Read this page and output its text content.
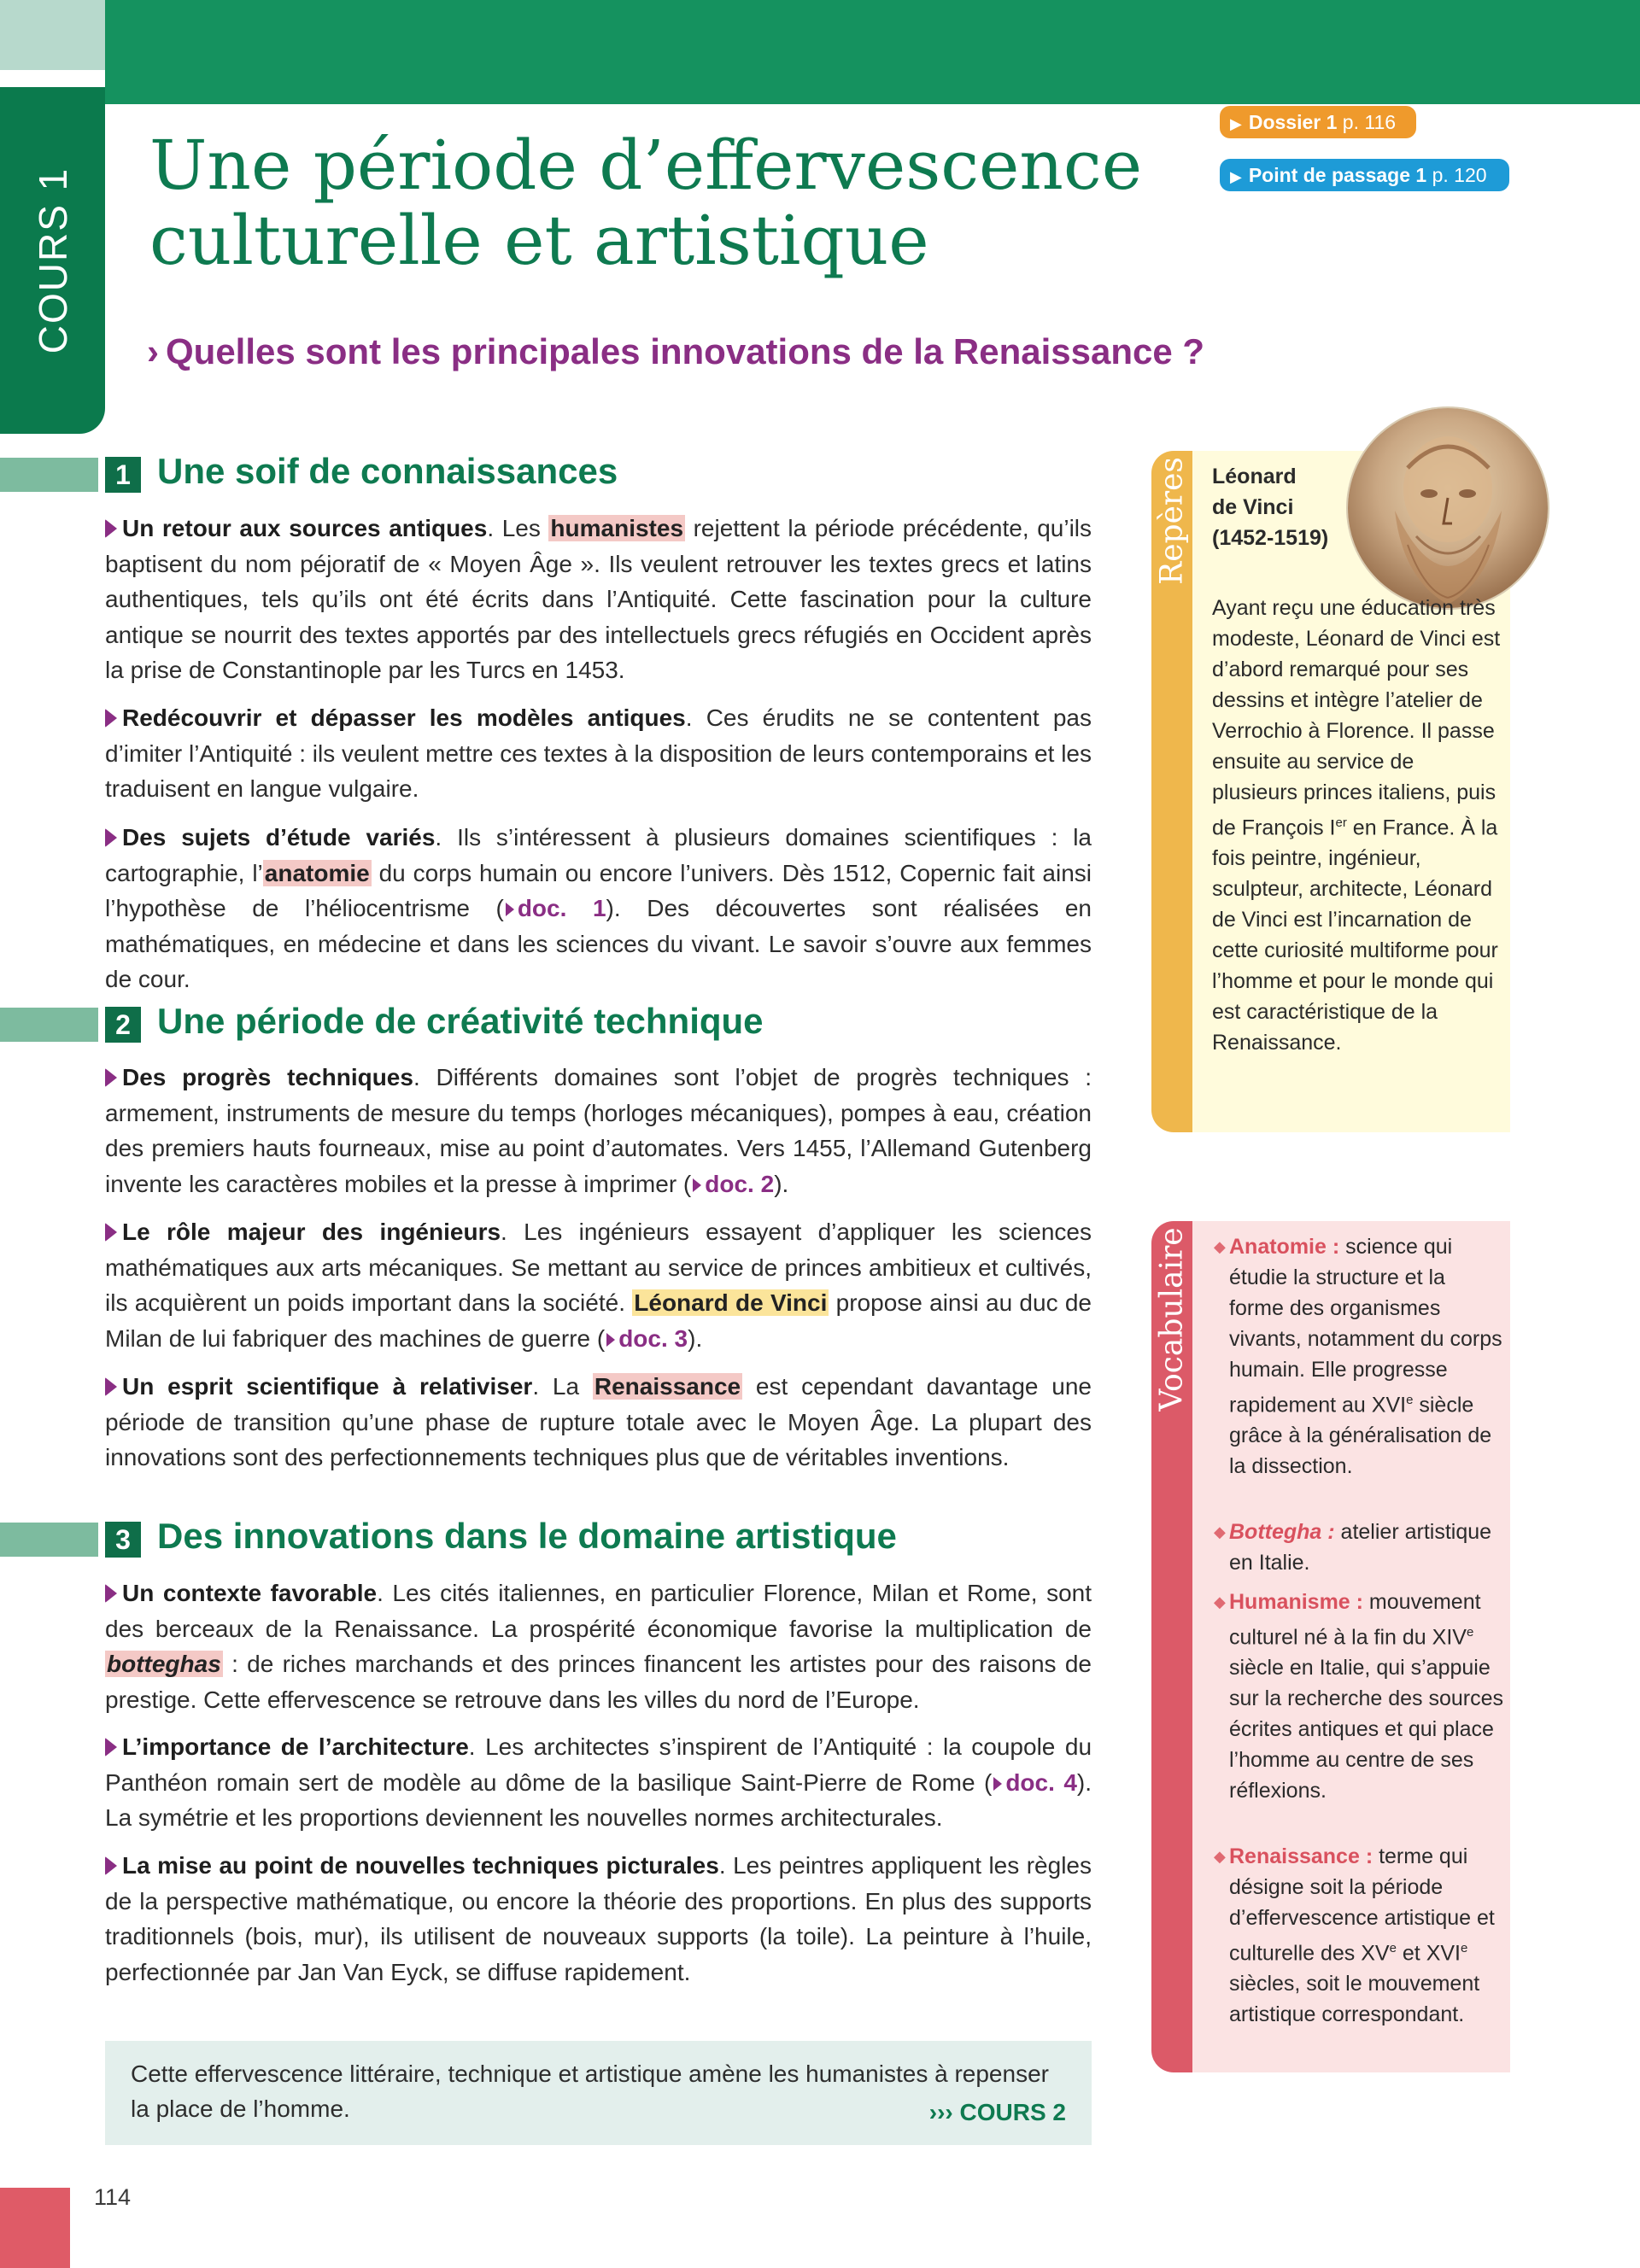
COURS 1
▶ Dossier 1 p. 116
▶ Point de passage 1 p. 120
Une période d’effervescence
culturelle et artistique
› Quelles sont les principales innovations de la Renaissance ?
1 Une soif de connaissances
Un retour aux sources antiques. Les humanistes rejettent la période précédente, qu’ils baptisent du nom péjoratif de « Moyen Âge ». Ils veulent retrouver les textes grecs et latins authentiques, tels qu’ils ont été écrits dans l’Antiquité. Cette fascination pour la culture antique se nourrit des textes apportés par des intellectuels grecs réfugiés en Occident après la prise de Constantinople par les Turcs en 1453.
Redécouvrir et dépasser les modèles antiques. Ces érudits ne se contentent pas d’imiter l’Antiquité : ils veulent mettre ces textes à la disposition de leurs contemporains et les traduisent en langue vulgaire.
Des sujets d’étude variés. Ils s’intéressent à plusieurs domaines scientifiques : la cartographie, l’anatomie du corps humain ou encore l’univers. Dès 1512, Copernic fait ainsi l’hypothèse de l’héliocentrisme ( doc. 1). Des découvertes sont réalisées en mathématiques, en médecine et dans les sciences du vivant. Le savoir s’ouvre aux femmes de cour.
2 Une période de créativité technique
Des progrès techniques. Différents domaines sont l’objet de progrès techniques : armement, instruments de mesure du temps (horloges mécaniques), pompes à eau, création des premiers hauts fourneaux, mise au point d’automates. Vers 1455, l’Allemand Gutenberg invente les caractères mobiles et la presse à imprimer ( doc. 2).
Le rôle majeur des ingénieurs. Les ingénieurs essayent d’appliquer les sciences mathématiques aux arts mécaniques. Se mettant au service de princes ambitieux et cultivés, ils acquièrent un poids important dans la société. Léonard de Vinci propose ainsi au duc de Milan de lui fabriquer des machines de guerre ( doc. 3).
Un esprit scientifique à relativiser. La Renaissance est cependant davantage une période de transition qu’une phase de rupture totale avec le Moyen Âge. La plupart des innovations sont des perfectionnements techniques plus que de véritables inventions.
3 Des innovations dans le domaine artistique
Un contexte favorable. Les cités italiennes, en particulier Florence, Milan et Rome, sont des berceaux de la Renaissance. La prospérité économique favorise la multiplication de botteghas : de riches marchands et des princes financent les artistes pour des raisons de prestige. Cette effervescence se retrouve dans les villes du nord de l’Europe.
L’importance de l’architecture. Les architectes s’inspirent de l’Antiquité : la coupole du Panthéon romain sert de modèle au dôme de la basilique Saint-Pierre de Rome ( doc. 4). La symétrie et les proportions deviennent les nouvelles normes architecturales.
La mise au point de nouvelles techniques picturales. Les peintres appliquent les règles de la perspective mathématique, ou encore la théorie des proportions. En plus des supports traditionnels (bois, mur), ils utilisent de nouveaux supports (la toile). La peinture à l’huile, perfectionnée par Jan Van Eyck, se diffuse rapidement.
Cette effervescence littéraire, technique et artistique amène les humanistes à repenser la place de l’homme.	››› COURS 2
Repères Léonard
de Vinci
(1452-1519)
Ayant reçu une éducation très modeste, Léonard de Vinci est d’abord remarqué pour ses dessins et intègre l’atelier de Verrochio à Florence. Il passe ensuite au service de plusieurs princes italiens, puis de François Ier en France. À la fois peintre, ingénieur, sculpteur, architecte, Léonard de Vinci est l’incarnation de cette curiosité multiforme pour l’homme et pour le monde qui est caractéristique de la Renaissance.
Vocabulaire ◆ Anatomie : science qui étudie la structure et la forme des organismes vivants, notamment du corps humain. Elle progresse rapidement au XVIe siècle grâce à la généralisation de la dissection.
◆ Bottegha : atelier artistique en Italie.
◆ Humanisme : mouvement culturel né à la fin du XIVe siècle en Italie, qui s’appuie sur la recherche des sources écrites antiques et qui place l’homme au centre de ses réflexions.
◆ Renaissance : terme qui désigne soit la période d’effervescence artistique et culturelle des XVe et XVIe siècles, soit le mouvement artistique correspondant.
114
